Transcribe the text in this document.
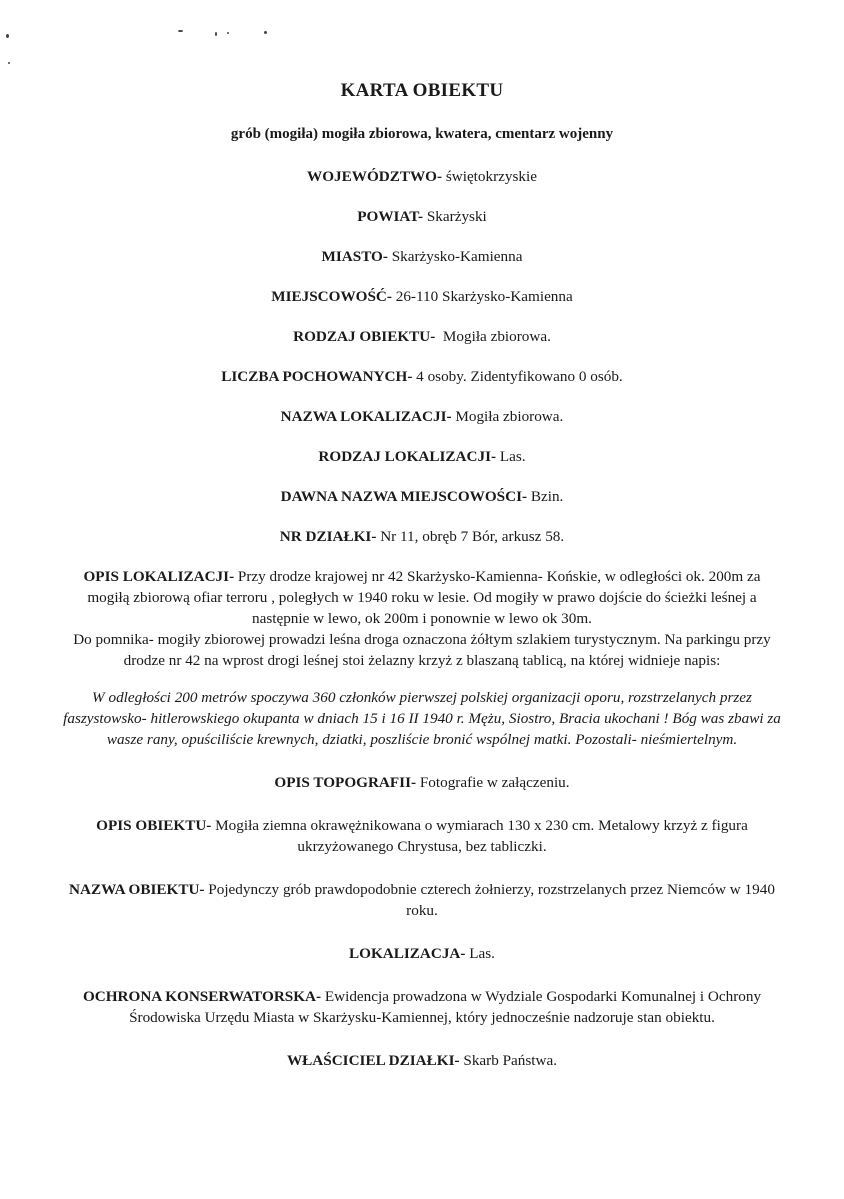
KARTA OBIEKTU
grób (mogiła) mogiła zbiorowa, kwatera, cmentarz wojenny
WOJEWÓDZTWO- świętokrzyskie
POWIAT- Skarżyski
MIASTO- Skarżysko-Kamienna
MIEJSCOWOŚĆ- 26-110 Skarżysko-Kamienna
RODZAJ OBIEKTU-  Mogiła zbiorowa.
LICZBA POCHOWANYCH- 4 osoby. Zidentyfikowano 0 osób.
NAZWA LOKALIZACJI- Mogiła zbiorowa.
RODZAJ LOKALIZACJI- Las.
DAWNA NAZWA MIEJSCOWOŚCI- Bzin.
NR DZIAŁKI- Nr 11, obręb 7 Bór, arkusz 58.
OPIS LOKALIZACJI- Przy drodze krajowej nr 42 Skarżysko-Kamienna- Końskie, w odległości ok. 200m za mogiłą zbiorową ofiar terroru , poległych w 1940 roku w lesie. Od mogiły w prawo dojście do ścieżki leśnej a następnie w lewo, ok 200m i ponownie w lewo ok 30m.
Do pomnika- mogiły zbiorowej prowadzi leśna droga oznaczona żółtym szlakiem turystycznym. Na parkingu przy drodze nr 42 na wprost drogi leśnej stoi żelazny krzyż z blaszaną tablicą, na której widnieje napis:
W odległości 200 metrów spoczywa 360 członków pierwszej polskiej organizacji oporu, rozstrzelanych przez faszystowsko- hitlerowskiego okupanta w dniach 15 i 16 II 1940 r. Mężu, Siostro, Bracia ukochani ! Bóg was zbawi za wasze rany, opuściliście krewnych, dziatki, poszliście bronić wspólnej matki. Pozostali- nieśmiertelnym.
OPIS TOPOGRAFII- Fotografie w załączeniu.
OPIS OBIEKTU- Mogiła ziemna okrawężnikowana o wymiarach 130 x 230 cm. Metalowy krzyż z figura ukrzyżowanego Chrystusa, bez tabliczki.
NAZWA OBIEKTU- Pojedynczy grób prawdopodobnie czterech żołnierzy, rozstrzelanych przez Niemców w 1940 roku.
LOKALIZACJA- Las.
OCHRONA KONSERWATORSKA- Ewidencja prowadzona w Wydziale Gospodarki Komunalnej i Ochrony Środowiska Urzędu Miasta w Skarżysku-Kamiennej, który jednocześnie nadzoruje stan obiektu.
WŁAŚCICIEL DZIAŁKI- Skarb Państwa.
